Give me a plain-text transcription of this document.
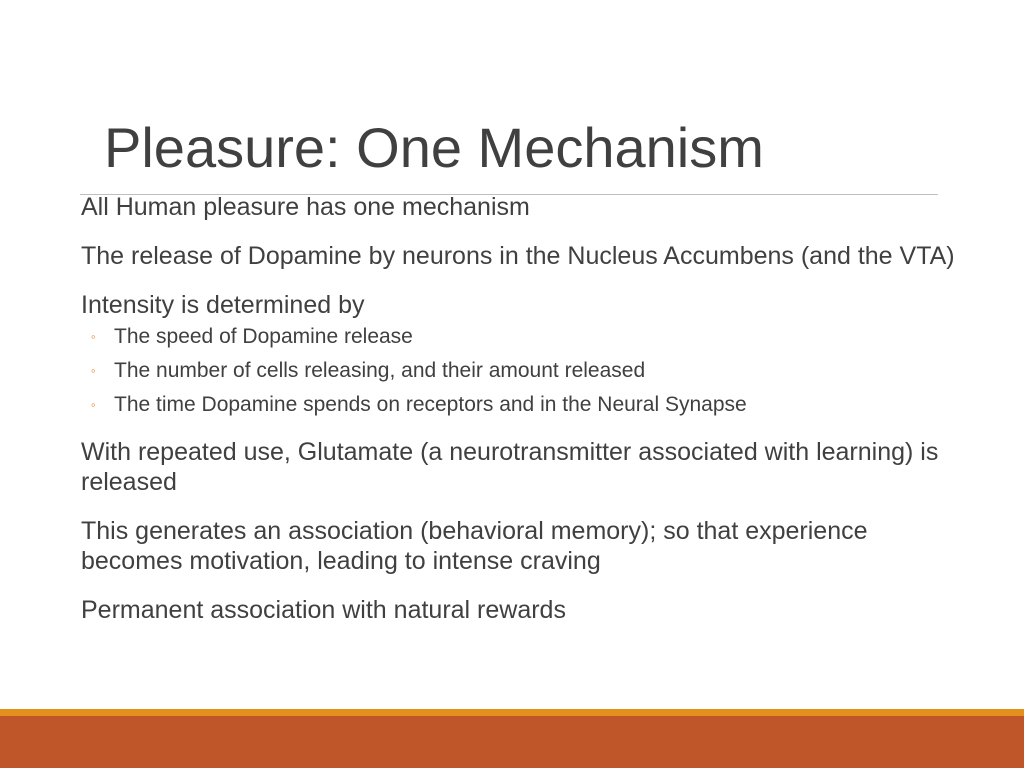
Pleasure: One Mechanism

All Human pleasure has one mechanism

The release of Dopamine by neurons in the Nucleus Accumbens (and the VTA)

Intensity is determined by

◦ The speed of Dopamine release
◦ The number of cells releasing, and their amount released
◦ The time Dopamine spends on receptors and in the Neural Synapse

With repeated use, Glutamate (a neurotransmitter associated with learning) is released

This generates an association (behavioral memory); so that experience becomes motivation, leading to intense craving

Permanent association with natural rewards
